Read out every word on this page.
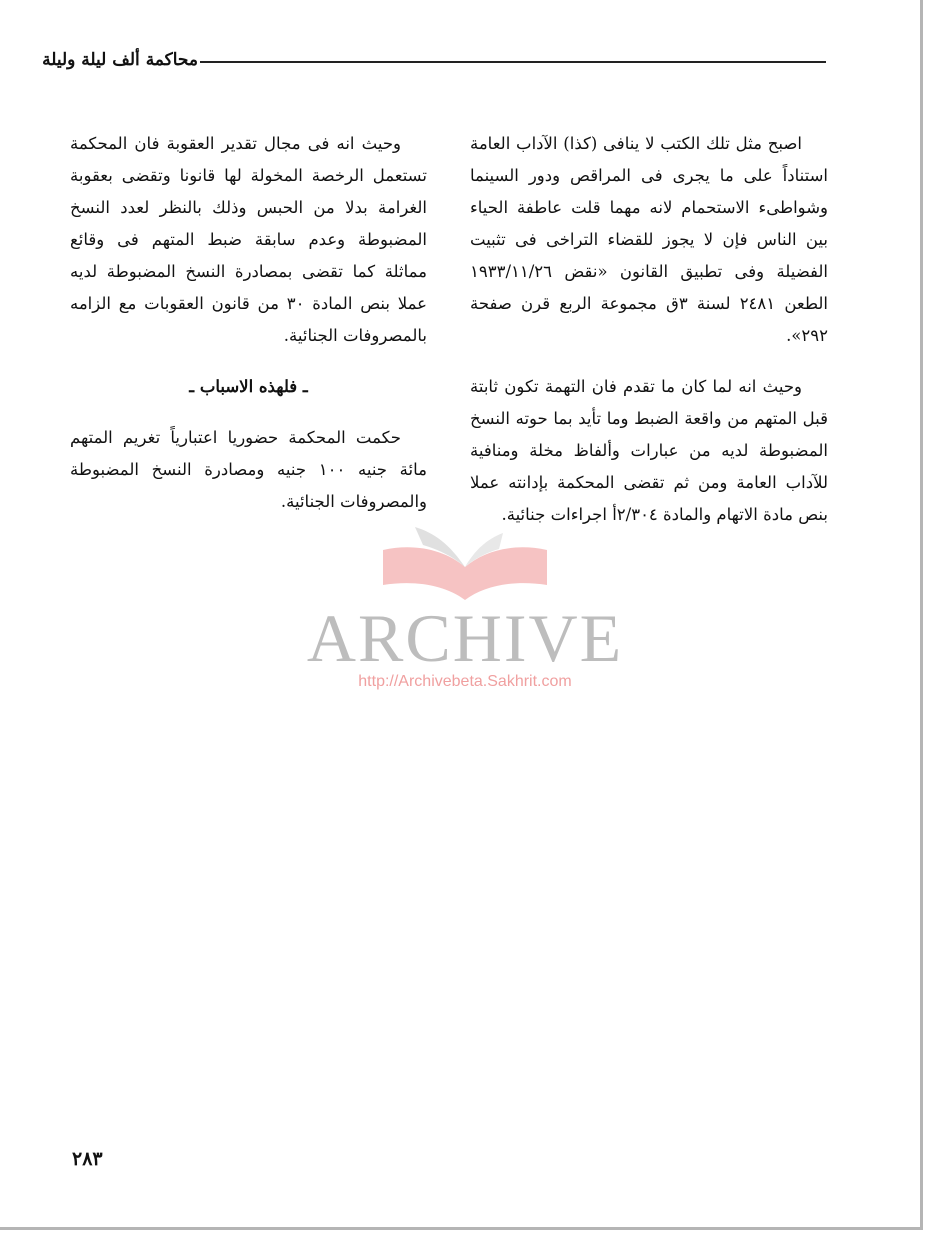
محاكمة ألف ليلة وليلة

اصبح مثل تلك الكتب لا ينافى (كذا) الآداب العامة استناداً على ما يجرى فى المراقص ودور السينما وشواطىء الاستحمام لانه مهما قلت عاطفة الحياء بين الناس فإن لا يجوز للقضاء التراخى فى تثبيت الفضيلة وفى تطبيق القانون «نقض ١٩٣٣/١١/٢٦ الطعن ٢٤٨١ لسنة ٣ق مجموعة الربع قرن صفحة ٢٩٢».

وحيث انه لما كان ما تقدم فان التهمة تكون ثابتة قبل المتهم من واقعة الضبط وما تأيد بما حوته النسخ المضبوطة لديه من عبارات وألفاظ مخلة ومنافية للآداب العامة ومن ثم تقضى المحكمة بإدانته عملا بنص مادة الاتهام والمادة ٢/٣٠٤أ اجراءات جنائية.

وحيث انه فى مجال تقدير العقوبة فان المحكمة تستعمل الرخصة المخولة لها قانونا وتقضى بعقوبة الغرامة بدلا من الحبس وذلك بالنظر لعدد النسخ المضبوطة وعدم سابقة ضبط المتهم فى وقائع مماثلة كما تقضى بمصادرة النسخ المضبوطة لديه عملا بنص المادة ٣٠ من قانون العقوبات مع الزامه بالمصروفات الجنائية.

ـ فلهذه الاسباب ـ

حكمت المحكمة حضوريا اعتبارياً تغريم المتهم مائة جنيه ١٠٠ جنيه ومصادرة النسخ المضبوطة والمصروفات الجنائية.

ARCHIVE

http://Archivebeta.Sakhrit.com

٢٨٣
